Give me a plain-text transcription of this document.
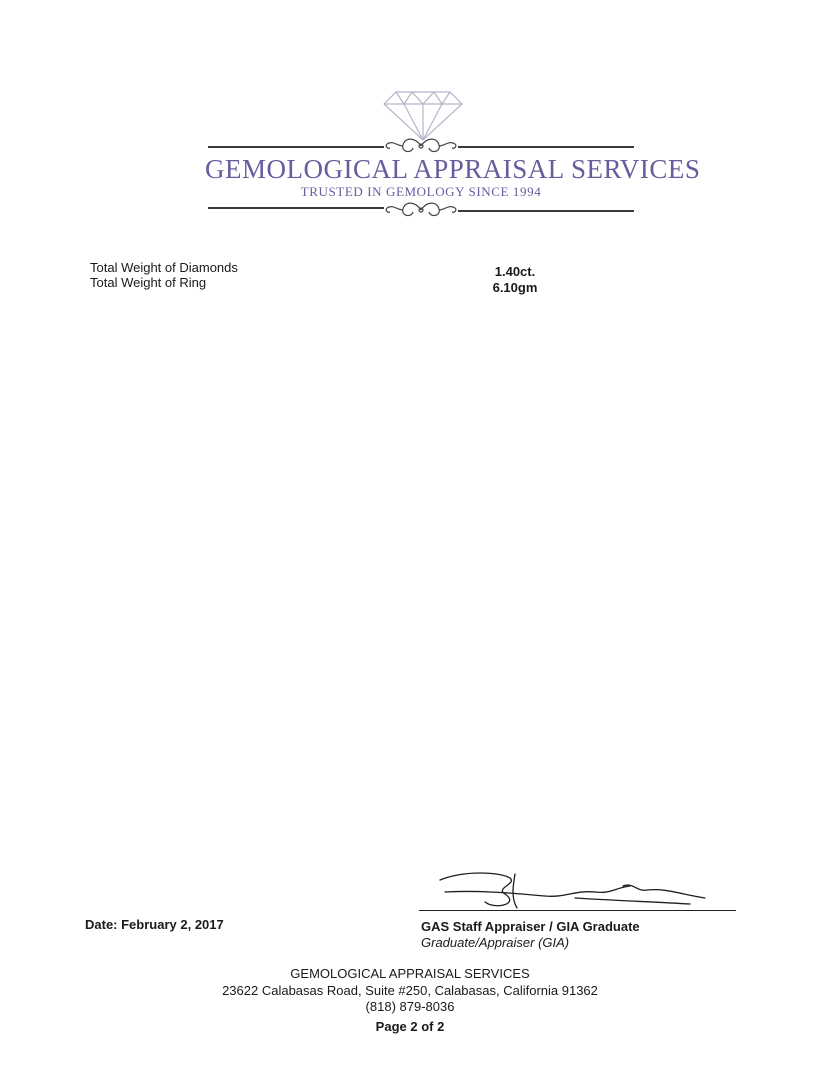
GEMOLOGICAL APPRAISAL SERVICES
TRUSTED IN GEMOLOGY SINCE 1994
Total Weight of Diamonds	1.40ct.
Total Weight of Ring	6.10gm
Date: February 2, 2017	GAS Staff Appraiser / GIA Graduate
Graduate/Appraiser (GIA)
GEMOLOGICAL APPRAISAL SERVICES
23622 Calabasas Road, Suite #250, Calabasas, California 91362
(818) 879-8036
Page 2 of 2
